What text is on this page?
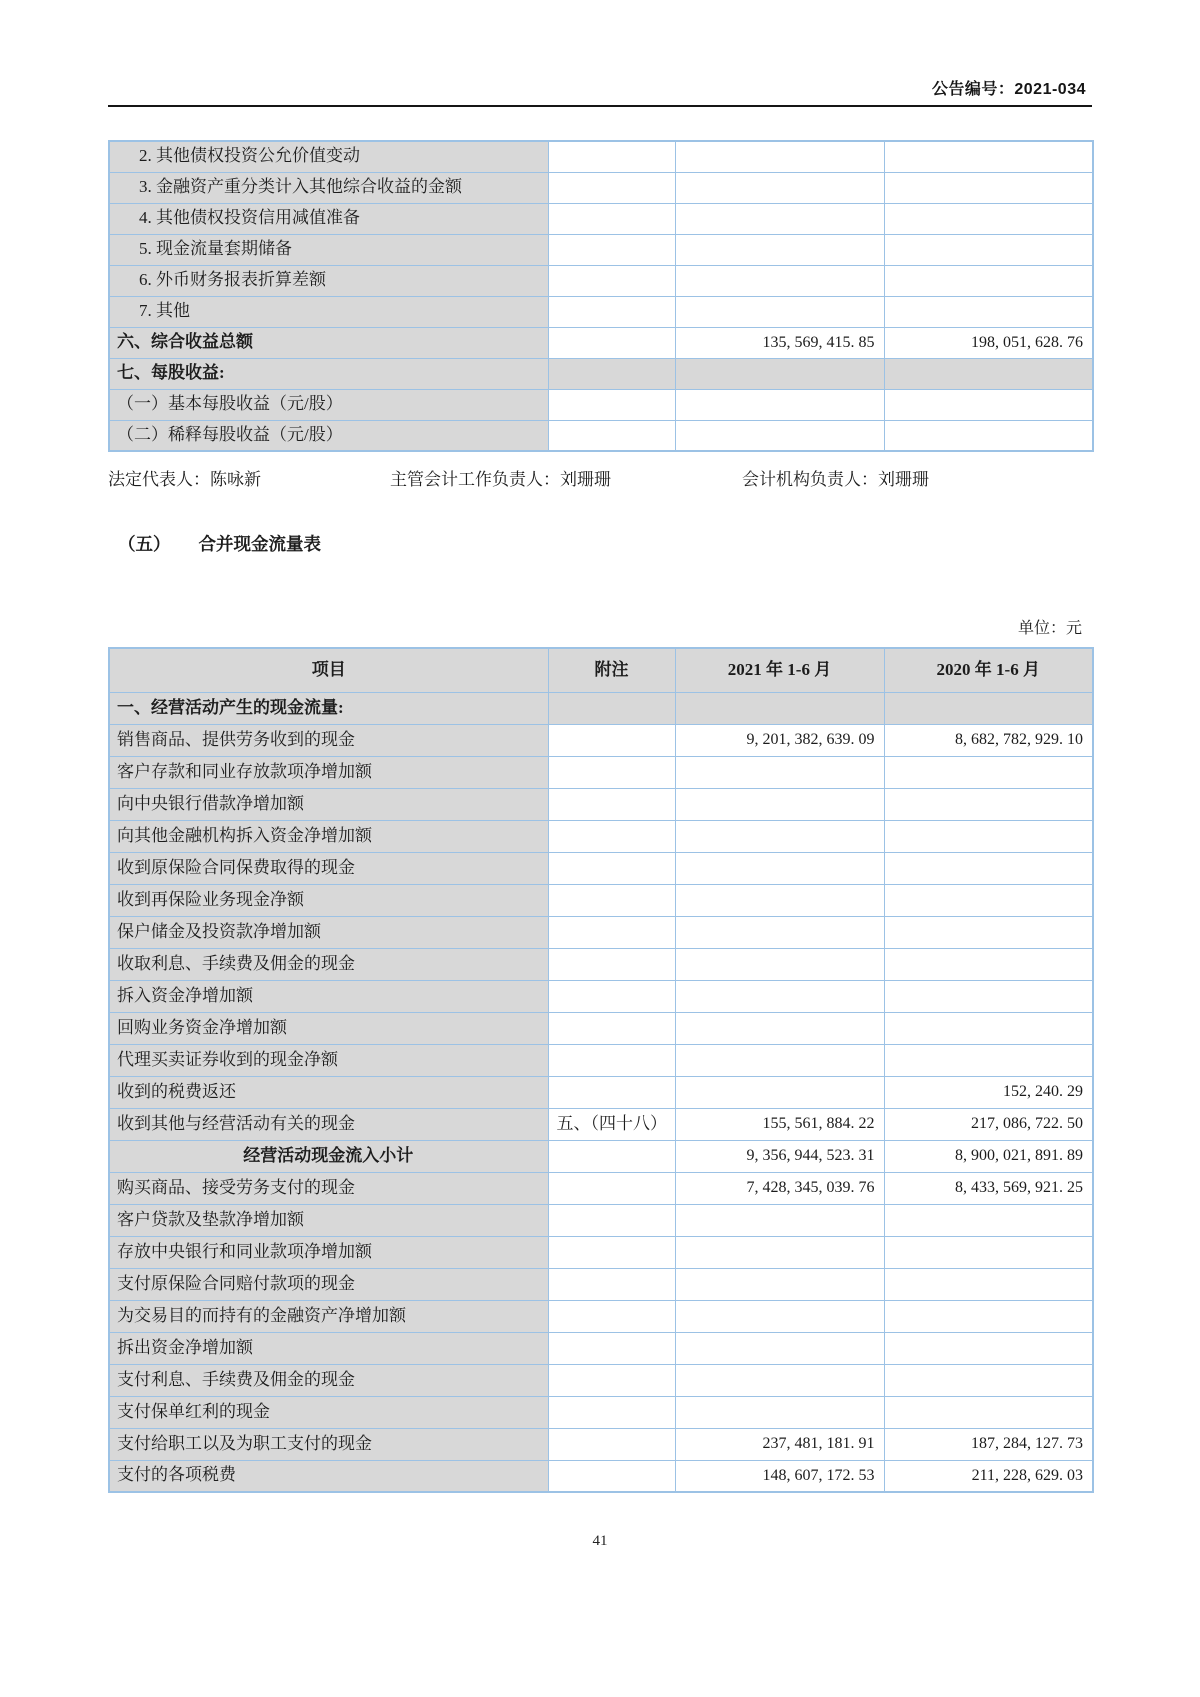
公告编号：2021-034
2. 其他债权投资公允价值变动			
3. 金融资产重分类计入其他综合收益的金额			
4. 其他债权投资信用减值准备			
5. 现金流量套期储备			
6. 外币财务报表折算差额			
7. 其他			
六、综合收益总额		135, 569, 415. 85	198, 051, 628. 76
七、每股收益:			
（一）基本每股收益（元/股）			
（二）稀释每股收益（元/股）			
法定代表人：陈咏新	主管会计工作负责人：刘珊珊	会计机构负责人：刘珊珊
（五） 合并现金流量表
单位：元
项目	附注	2021 年 1-6 月	2020 年 1-6 月
一、经营活动产生的现金流量:			
销售商品、提供劳务收到的现金		9, 201, 382, 639. 09	8, 682, 782, 929. 10
客户存款和同业存放款项净增加额			
向中央银行借款净增加额			
向其他金融机构拆入资金净增加额			
收到原保险合同保费取得的现金			
收到再保险业务现金净额			
保户储金及投资款净增加额			
收取利息、手续费及佣金的现金			
拆入资金净增加额			
回购业务资金净增加额			
代理买卖证券收到的现金净额			
收到的税费返还			152, 240. 29
收到其他与经营活动有关的现金	五、（四十八）	155, 561, 884. 22	217, 086, 722. 50
经营活动现金流入小计		9, 356, 944, 523. 31	8, 900, 021, 891. 89
购买商品、接受劳务支付的现金		7, 428, 345, 039. 76	8, 433, 569, 921. 25
客户贷款及垫款净增加额			
存放中央银行和同业款项净增加额			
支付原保险合同赔付款项的现金			
为交易目的而持有的金融资产净增加额			
拆出资金净增加额			
支付利息、手续费及佣金的现金			
支付保单红利的现金			
支付给职工以及为职工支付的现金		237, 481, 181. 91	187, 284, 127. 73
支付的各项税费		148, 607, 172. 53	211, 228, 629. 03
41
